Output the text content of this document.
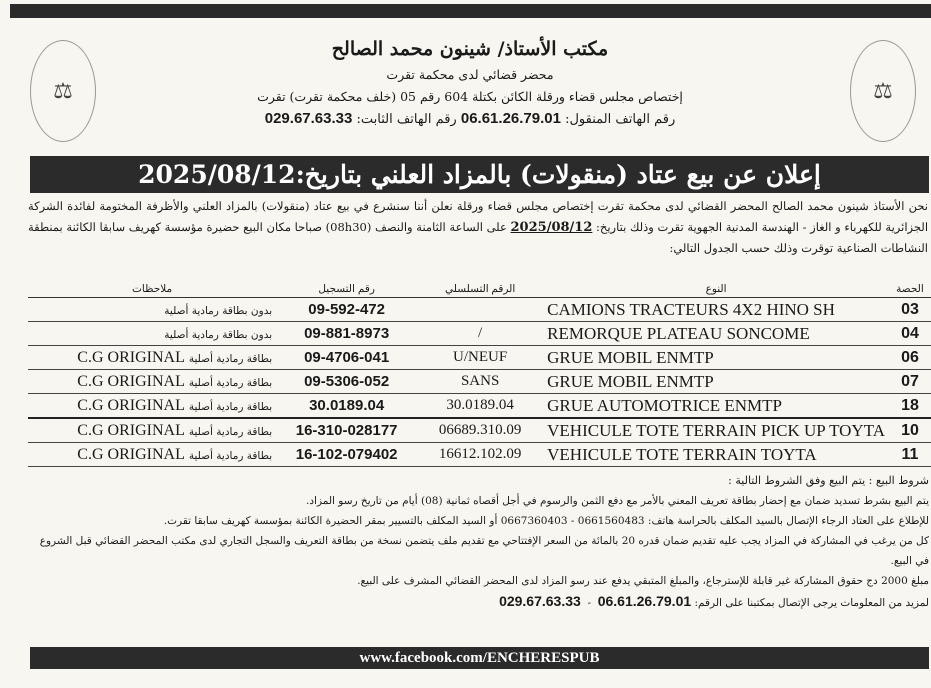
⚖	⚖
مكتب الأستاذ/ شينون محمد الصالح
محضر قضائي لدى محكمة تقرت
إختصاص مجلس قضاء ورقلة الكائن بكتلة 604 رقم 05 (خلف محكمة تقرت) تقرت
رقم الهاتف المنقول: 06.61.26.79.01 رقم الهاتف الثابت: 029.67.63.33
إعلان عن بيع عتاد (منقولات) بالمزاد العلني بتاريخ:2025/08/12
نحن الأستاذ شينون محمد الصالح المحضر القضائي لدى محكمة تقرت إختصاص مجلس قضاء ورقلة نعلن أننا سنشرع في بيع عتاد (منقولات) بالمزاد العلني والأظرفة المختومة لفائدة الشركة الجزائرية للكهرباء و الغاز - الهندسة المدنية الجهوية تقرت وذلك بتاريخ: 2025/08/12 على الساعة الثامنة والنصف (08h30) صباحا مكان البيع حضيرة مؤسسة كهريف سابقا الكائنة بمنطقة النشاطات الصناعية توقرت وذلك حسب الجدول التالي:
الحصة	النوع	الرقم التسلسلي	رقم التسجيل	ملاحظات
03	CAMIONS TRACTEURS 4X2 HINO SH		09-592-472	بدون بطاقة رمادية أصلية
04	REMORQUE PLATEAU SONCOME	/	09-881-8973	بدون بطاقة رمادية أصلية
06	GRUE MOBIL ENMTP	U/NEUF	09-4706-041	بطاقة رمادية أصليةC.G ORIGINAL
07	GRUE MOBIL ENMTP	SANS	09-5306-052	بطاقة رمادية أصليةC.G ORIGINAL
18	GRUE AUTOMOTRICE ENMTP	30.0189.04	30.0189.04	بطاقة رمادية أصليةC.G ORIGINAL
10	VEHICULE TOTE TERRAIN PICK UP TOYTA	06689.310.09	16-310-028177	بطاقة رمادية أصليةC.G ORIGINAL
11	VEHICULE TOTE TERRAIN TOYTA	16612.102.09	16-102-079402	بطاقة رمادية أصليةC.G ORIGINAL
شروط البيع : يتم البيع وفق الشروط التالية :
يتم البيع بشرط تسديد ضمان مع إحضار بطاقة تعريف المعني بالأمر مع دفع الثمن والرسوم في أجل أقصاه ثمانية (08) أيام من تاريخ رسو المزاد.
للإطلاع على العتاد الرجاء الإتصال بالسيد المكلف بالحراسة هاتف: 0661560483 - 0667360403 أو السيد المكلف بالتسيير بمقر الحضيرة الكائنة بمؤسسة كهريف سابقا تقرت.
كل من يرغب في المشاركة في المزاد يجب عليه تقديم ضمان قدره 20 بالمائة من السعر الإفتتاحي مع تقديم ملف يتضمن نسخة من بطاقة التعريف والسجل التجاري لدى مكتب المحضر القضائي قبل الشروع في البيع.
مبلغ 2000 دج حقوق المشاركة غير قابلة للإسترجاع، والمبلغ المتبقي يدفع عند رسو المزاد لدى المحضر القضائي المشرف على البيع.
لمزيد من المعلومات يرجى الإتصال بمكتبنا على الرقم: 06.61.26.79.01  -  029.67.63.33
www.facebook.com/ENCHERESPUB
